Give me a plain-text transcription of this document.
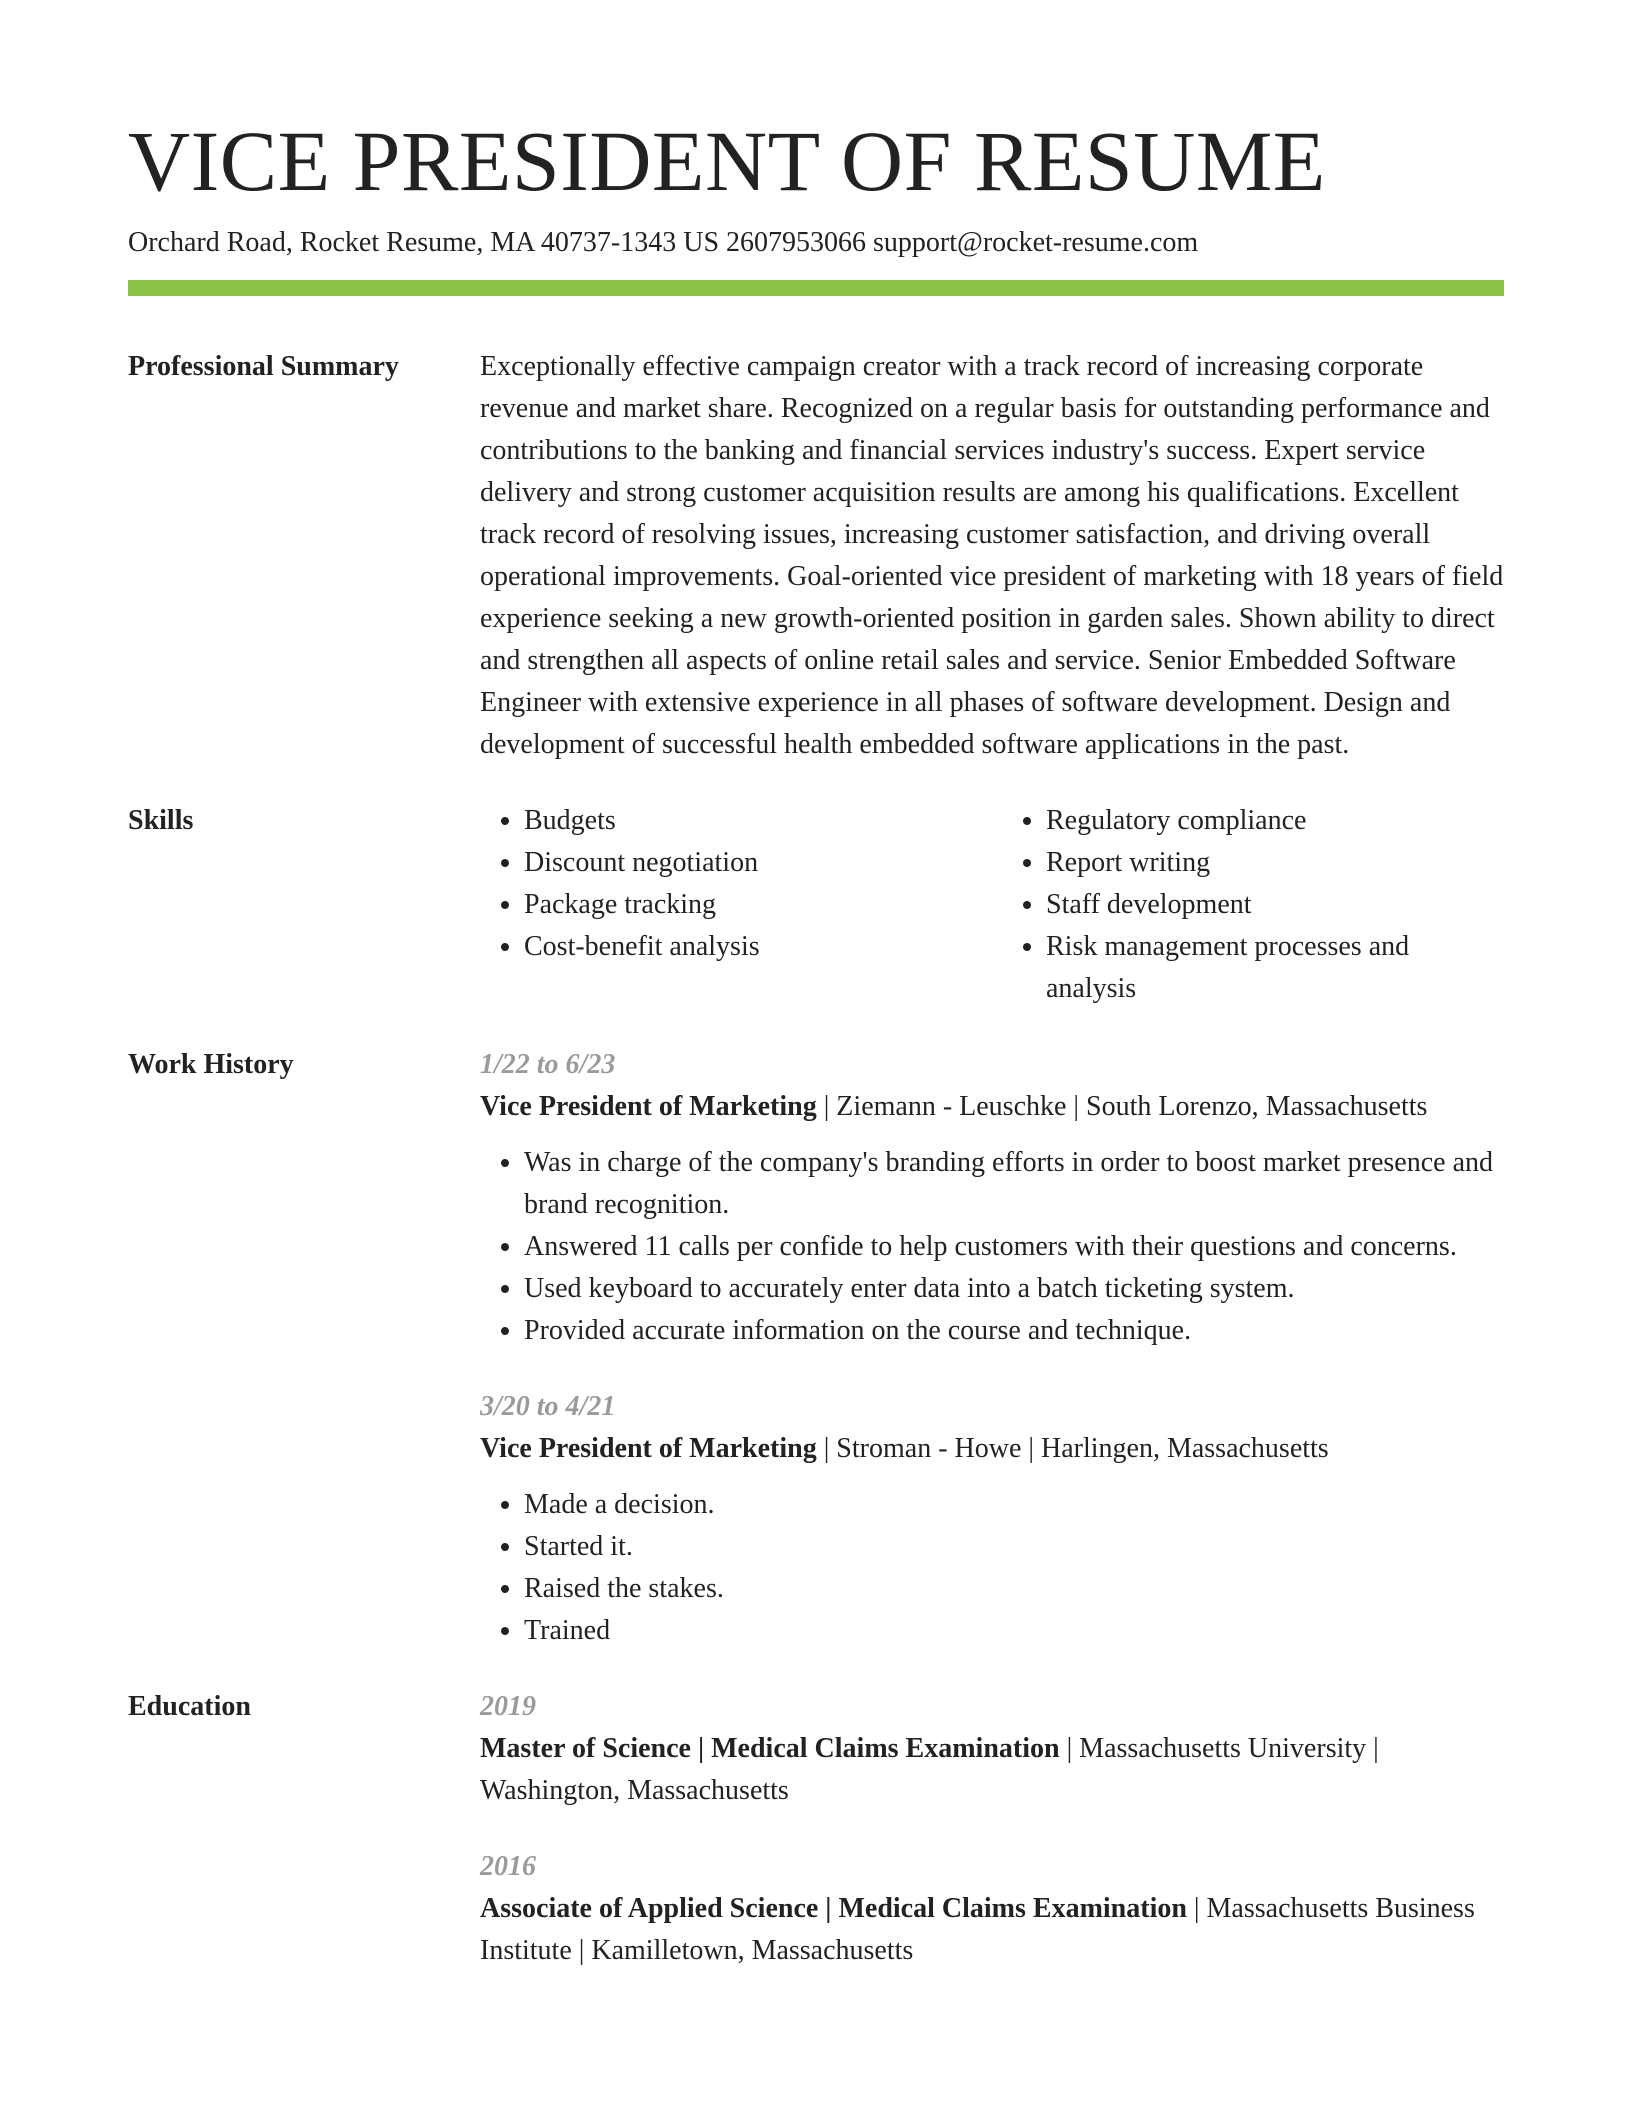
VICE PRESIDENT OF RESUME
Orchard Road, Rocket Resume, MA 40737-1343 US 2607953066 support@rocket-resume.com
Professional Summary	Exceptionally effective campaign creator with a track record of increasing corporate revenue and market share. Recognized on a regular basis for outstanding performance and contributions to the banking and financial services industry's success. Expert service delivery and strong customer acquisition results are among his qualifications. Excellent track record of resolving issues, increasing customer satisfaction, and driving overall operational improvements. Goal-oriented vice president of marketing with 18 years of field experience seeking a new growth-oriented position in garden sales. Shown ability to direct and strengthen all aspects of online retail sales and service. Senior Embedded Software Engineer with extensive experience in all phases of software development. Design and development of successful health embedded software applications in the past.

Skills
•	Budgets
• Discount negotiation
• Package tracking
• Cost-benefit analysis
• Regulatory compliance
• Report writing
• Staff development
• Risk management processes and analysis
Work History	1/22 to 6/23
Vice President of Marketing | Ziemann - Leuschke | South Lorenzo, Massachusetts
• Was in charge of the company's branding efforts in order to boost market presence and brand recognition.
• Answered 11 calls per confide to help customers with their questions and concerns.
• Used keyboard to accurately enter data into a batch ticketing system.
• Provided accurate information on the course and technique.
3/20 to 4/21
Vice President of Marketing | Stroman - Howe | Harlingen, Massachusetts
• Made a decision.
• Started it.
• Raised the stakes.
• Trained
Education	2019
Master of Science | Medical Claims Examination | Massachusetts University | Washington, Massachusetts
2016
Associate of Applied Science | Medical Claims Examination | Massachusetts Business Institute | Kamilletown, Massachusetts
